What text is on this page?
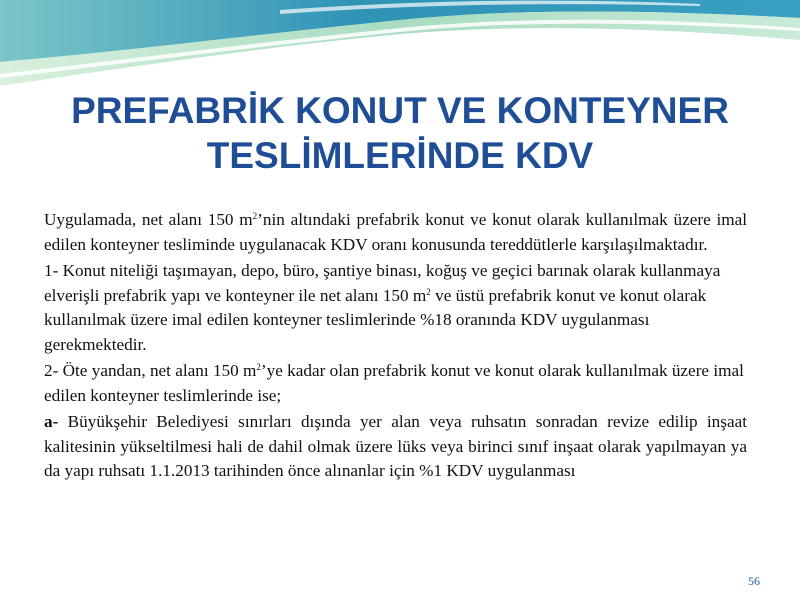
PREFABRİK KONUT VE KONTEYNER
TESLİMLERİNDE KDV

Uygulamada, net alanı 150 $m^2’nin$ altındaki prefabrik konut ve konut olarak kullanılmak üzere imal edilen konteyner tesliminde uygulanacak KDV oranı konusunda tereddütlerle karşılaşılmaktadır.

1- Konut niteliği taşımayan, depo, büro, şantiye binası, koğuş ve geçici barınak olarak kullanmaya elverişli prefabrik yapı ve konteyner ile net alanı 150 $m^2$ ve üstü prefabrik konut ve konut olarak kullanılmak üzere imal edilen konteyner teslimlerinde %18 oranında KDV uygulanması gerekmektedir.

2- Öte yandan, net alanı 150 $m^2’ye$ kadar olan prefabrik konut ve konut olarak kullanılmak üzere imal edilen konteyner teslimlerinde ise;

a- Büyükşehir Belediyesi sınırları dışında yer alan veya ruhsatın sonradan revize edilip inşaat kalitesinin yükseltilmesi hali de dahil olmak üzere lüks veya birinci sınıf inşaat olarak yapılmayan ya da yapı ruhsatı 1.1.2013 tarihinden önce alınanlar için %1 KDV uygulanması

56
